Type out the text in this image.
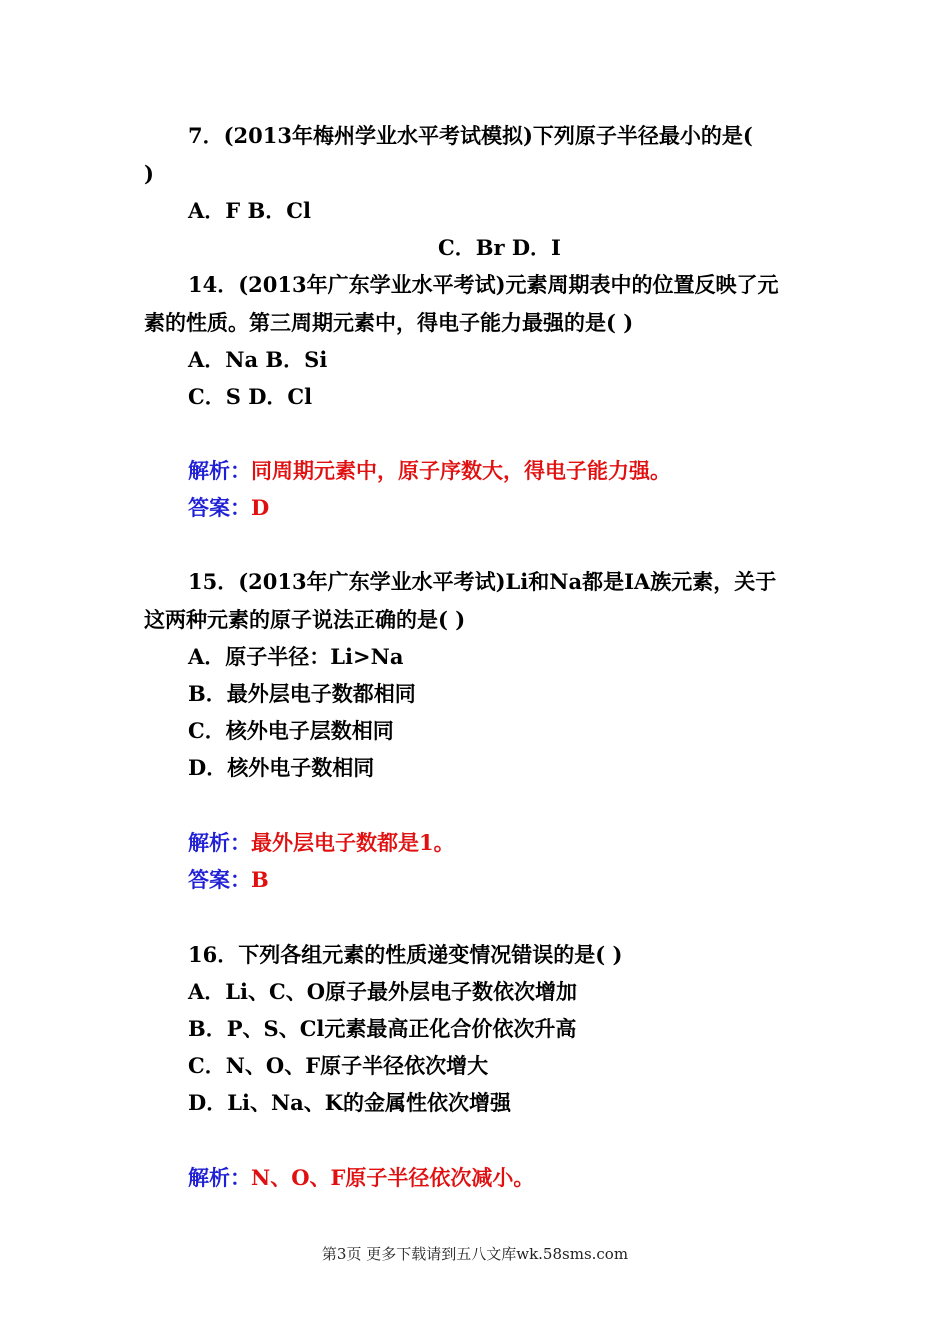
7．(2013年梅州学业水平考试模拟)下列原子半径最小的是(
)
A．F B．Cl
C．Br D．I
14．(2013年广东学业水平考试)元素周期表中的位置反映了元
素的性质。第三周期元素中，得电子能力最强的是( )
A．Na B．Si
C．S D．Cl
解析：同周期元素中，原子序数大，得电子能力强。
答案：D
15．(2013年广东学业水平考试)Li和Na都是IA族元素，关于
这两种元素的原子说法正确的是( )
A．原子半径：Li>Na
B．最外层电子数都相同
C．核外电子层数相同
D．核外电子数相同
解析：最外层电子数都是1。
答案：B
16．下列各组元素的性质递变情况错误的是( )
A．Li、C、O原子最外层电子数依次增加
B．P、S、Cl元素最高正化合价依次升高
C．N、O、F原子半径依次增大
D．Li、Na、K的金属性依次增强
解析：N、O、F原子半径依次减小。
第3页 更多下载请到五八文库wk.58sms.com
